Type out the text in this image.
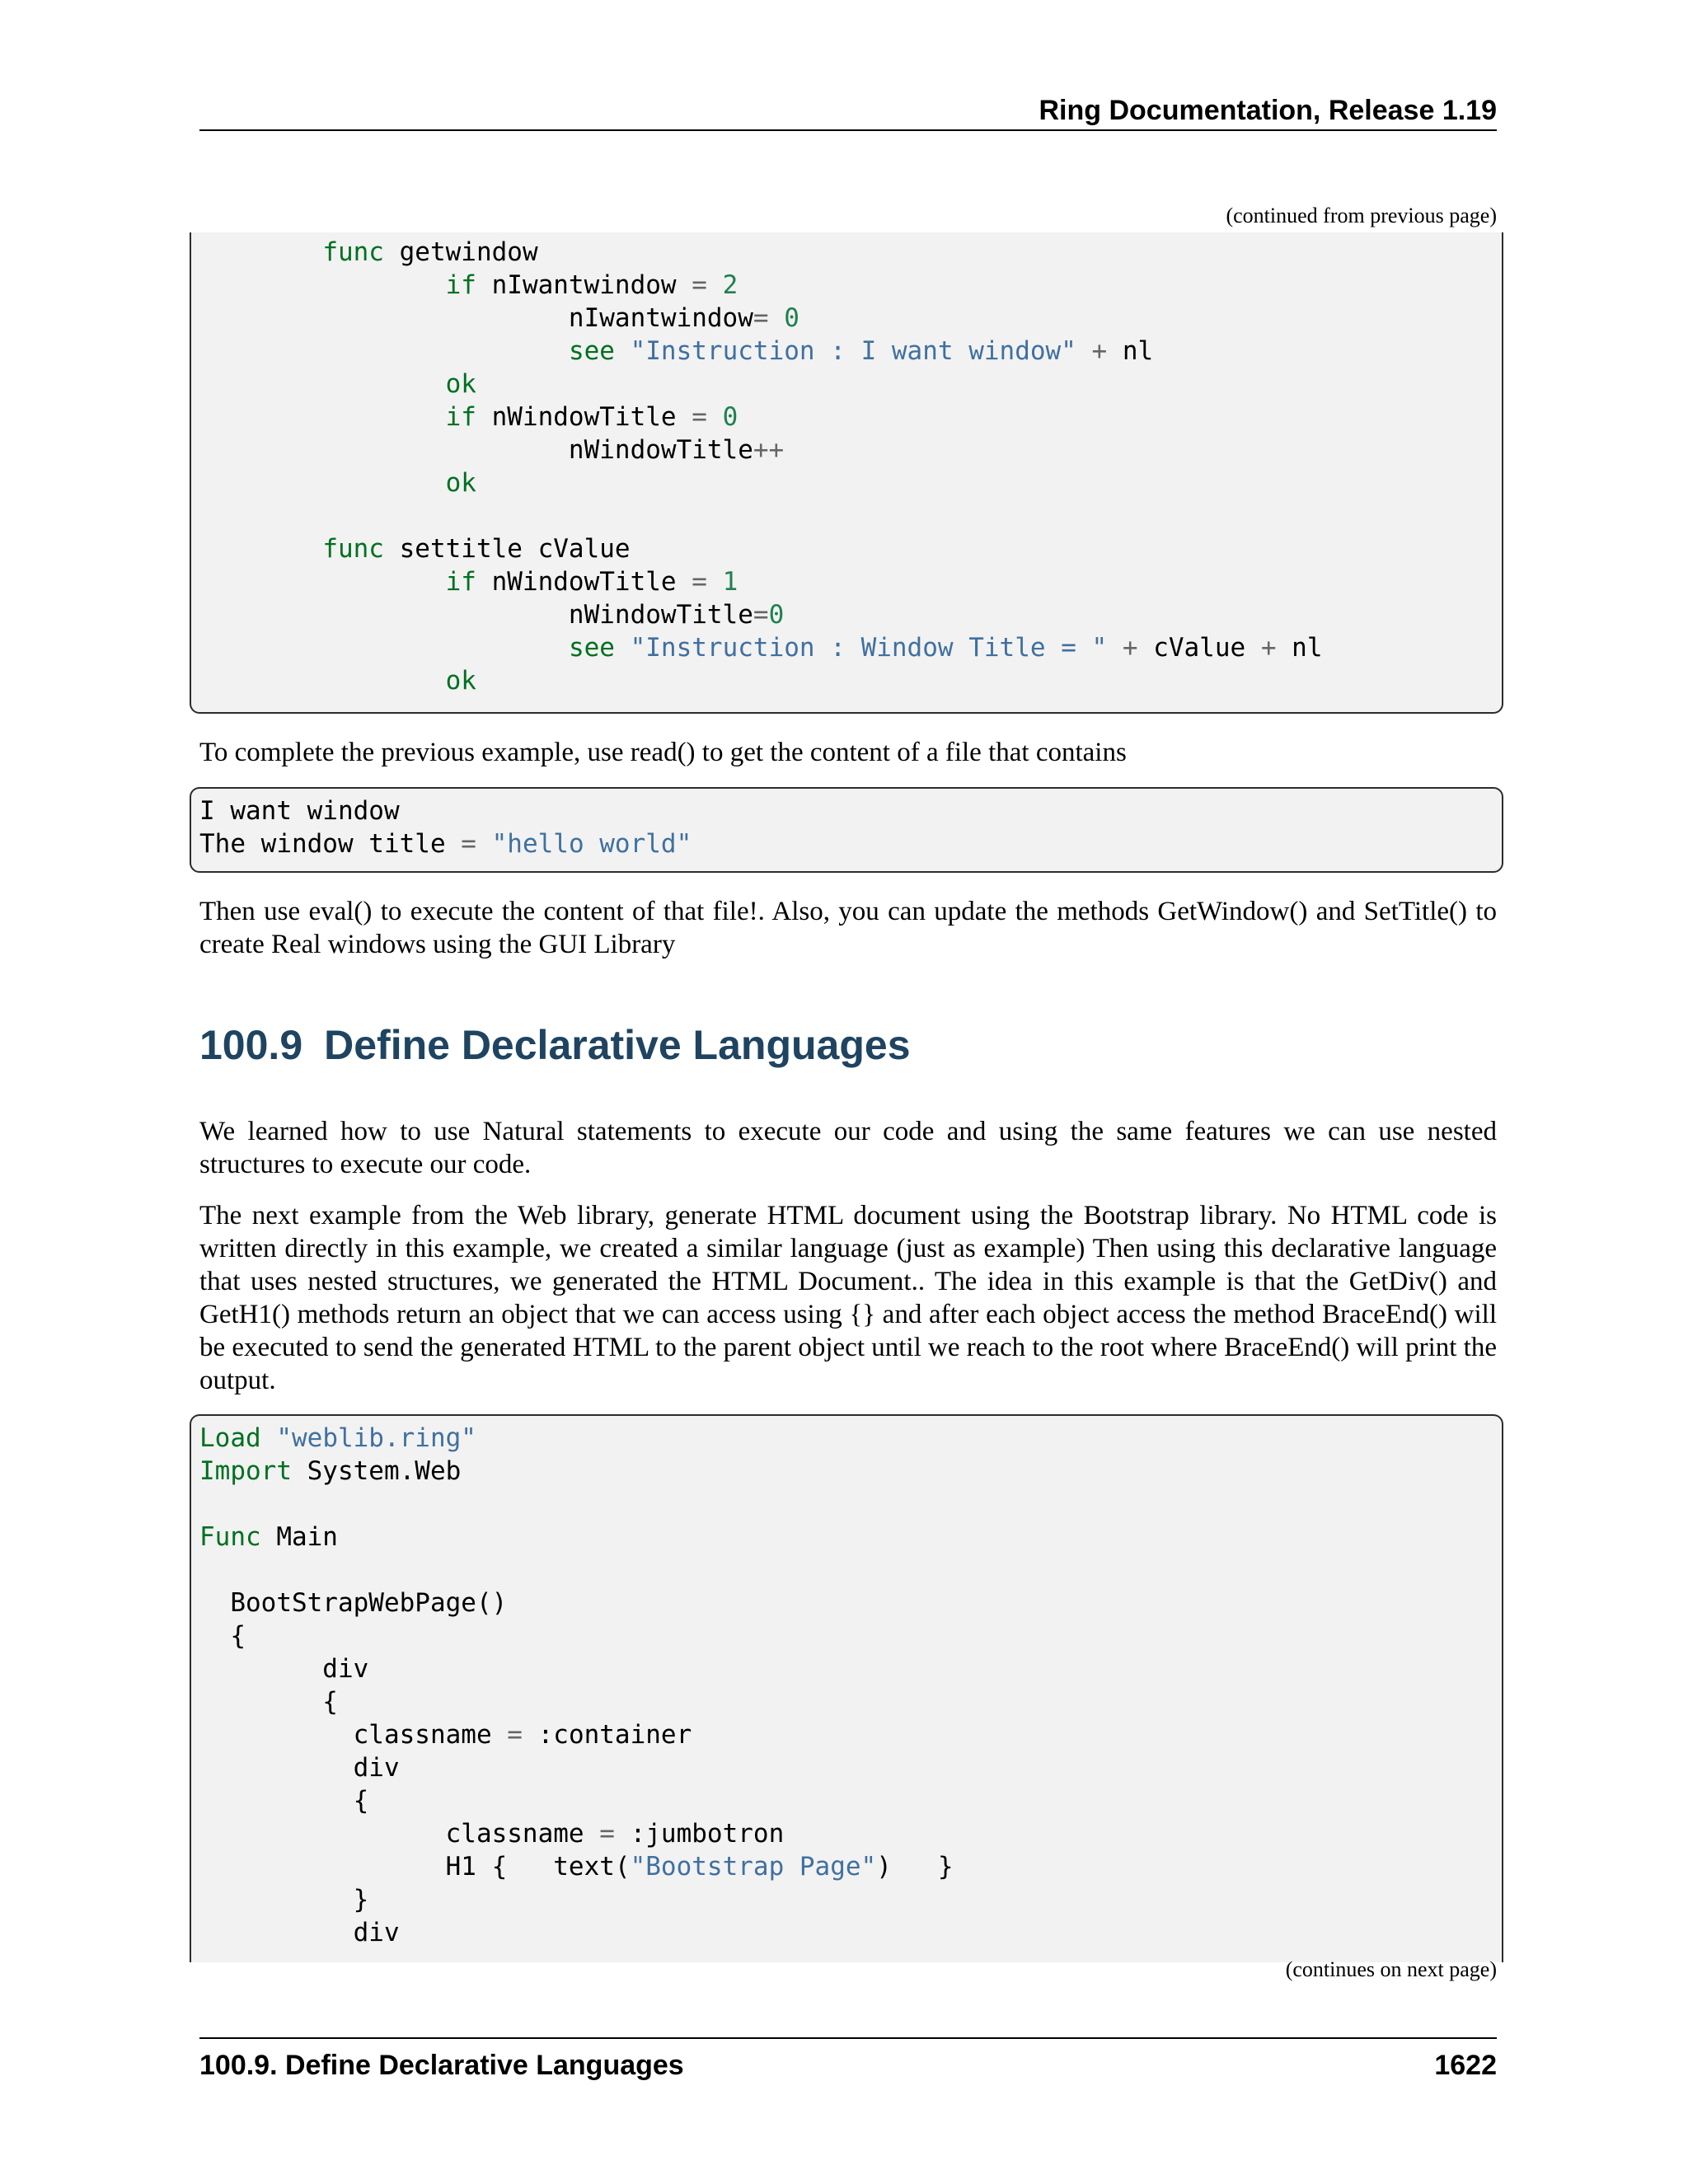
Ring Documentation, Release 1.19
(continued from previous page)
func getwindow
if nIwantwindow = 2
nIwantwindow= 0
see "Instruction : I want window" + nl
ok
if nWindowTitle = 0
nWindowTitle++
ok
func settitle cValue
if nWindowTitle = 1
nWindowTitle=0
see "Instruction : Window Title = " + cValue + nl
ok

To complete the previous example, use read() to get the content of a file that contains

I want window
The window title = "hello world"

Then use eval() to execute the content of that file!. Also, you can update the methods GetWindow() and SetTitle() to create Real windows using the GUI Library

100.9 Define Declarative Languages

We learned how to use Natural statements to execute our code and using the same features we can use nested structures to execute our code.

The next example from the Web library, generate HTML document using the Bootstrap library. No HTML code is written directly in this example, we created a similar language (just as example) Then using this declarative language that uses nested structures, we generated the HTML Document.. The idea in this example is that the GetDiv() and GetH1() methods return an object that we can access using {} and after each object access the method BraceEnd() will be executed to send the generated HTML to the parent object until we reach to the root where BraceEnd() will print the output.

Load "weblib.ring"
Import System.Web
Func Main
BootStrapWebPage()
{
div
{
classname = :container
div
{
classname = :jumbotron
H1 {   text("Bootstrap Page")   }
}
div
(continues on next page)
100.9. Define Declarative Languages	1622
